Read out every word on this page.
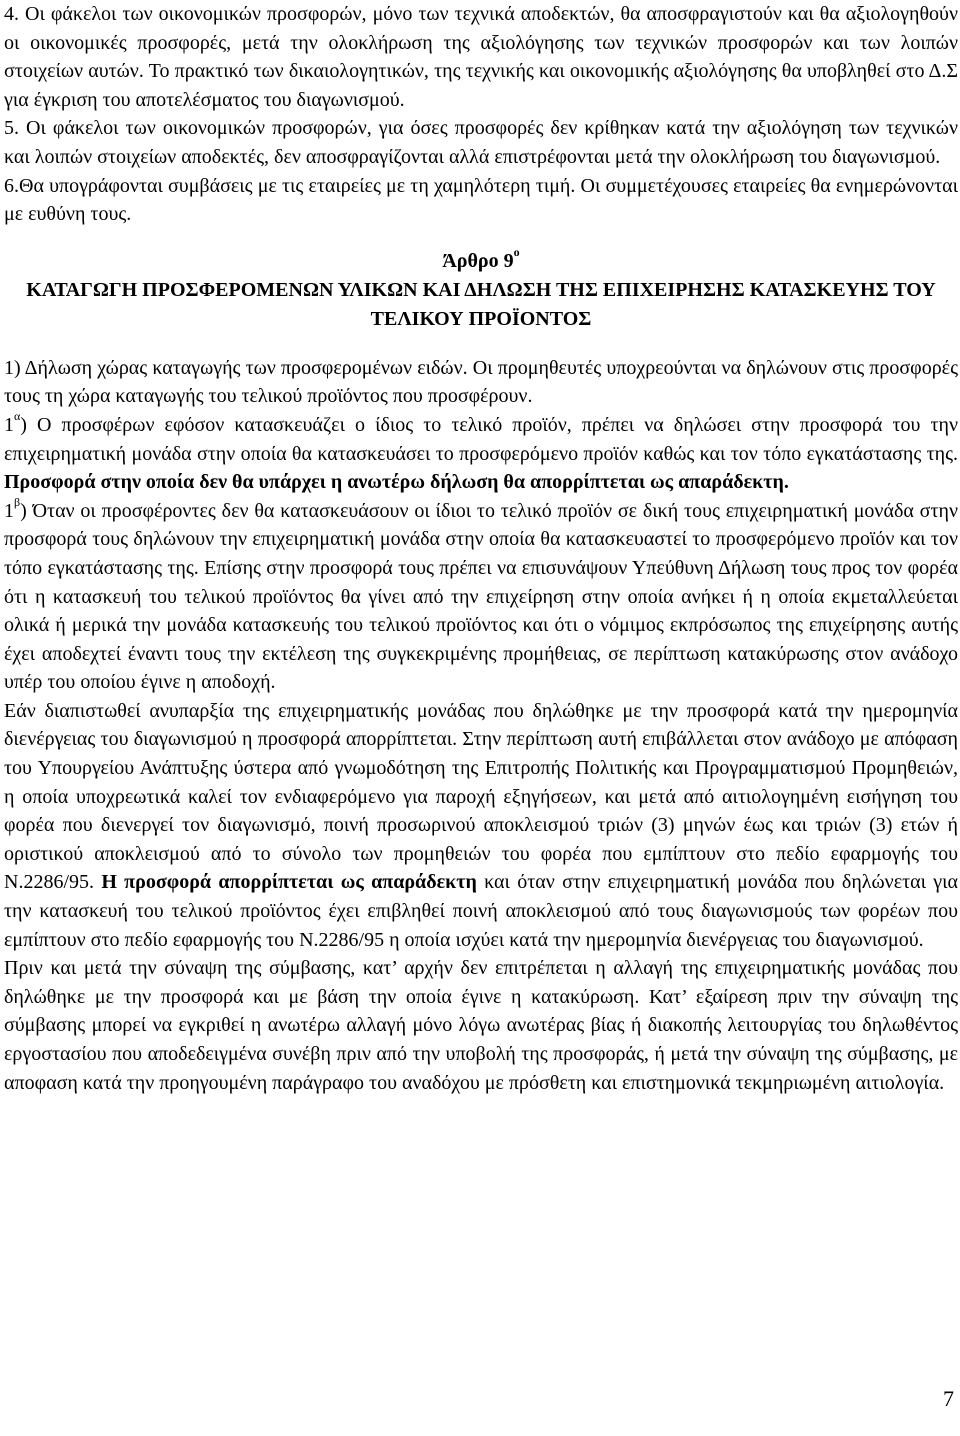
4. Οι φάκελοι των οικονομικών προσφορών, μόνο των τεχνικά αποδεκτών, θα αποσφραγιστούν και θα αξιολογηθούν οι οικονομικές προσφορές, μετά την ολοκλήρωση της αξιολόγησης των τεχνικών προσφορών και των λοιπών στοιχείων αυτών. Το πρακτικό των δικαιολογητικών, της τεχνικής και οικονομικής αξιολόγησης θα υποβληθεί στο Δ.Σ για έγκριση του αποτελέσματος του διαγωνισμού.

5. Οι φάκελοι των οικονομικών προσφορών, για όσες προσφορές δεν κρίθηκαν κατά την αξιολόγηση των τεχνικών και λοιπών στοιχείων αποδεκτές, δεν αποσφραγίζονται αλλά επιστρέφονται μετά την ολοκλήρωση του διαγωνισμού.

6.Θα υπογράφονται συμβάσεις με τις εταιρείες με τη χαμηλότερη τιμή. Οι συμμετέχουσες εταιρείες θα ενημερώνονται με ευθύνη τους.

Άρθρο $9^o$
ΚΑΤΑΓΩΓΗ ΠΡΟΣΦΕΡΟΜΕΝΩΝ ΥΛΙΚΩΝ ΚΑΙ ΔΗΛΩΣΗ ΤΗΣ ΕΠΙΧΕΙΡΗΣΗΣ ΚΑΤΑΣΚΕΥΗΣ ΤΟΥ ΤΕΛΙΚΟΥ ΠΡΟΪΟΝΤΟΣ

1) Δήλωση χώρας καταγωγής των προσφερομένων ειδών. Οι προμηθευτές υποχρεούνται να δηλώνουν στις προσφορές τους τη χώρα καταγωγής του τελικού προϊόντος που προσφέρουν.

$1^\alpha$) Ο προσφέρων εφόσον κατασκευάζει ο ίδιος το τελικό προϊόν, πρέπει να δηλώσει στην προσφορά του την επιχειρηματική μονάδα στην οποία θα κατασκευάσει το προσφερόμενο προϊόν καθώς και τον τόπο εγκατάστασης της. Προσφορά στην οποία δεν θα υπάρχει η ανωτέρω δήλωση θα απορρίπτεται ως απαράδεκτη.

$1^\beta$) Όταν οι προσφέροντες δεν θα κατασκευάσουν οι ίδιοι το τελικό προϊόν σε δική τους επιχειρηματική μονάδα στην προσφορά τους δηλώνουν την επιχειρηματική μονάδα στην οποία θα κατασκευαστεί το προσφερόμενο προϊόν και τον τόπο εγκατάστασης της. Επίσης στην προσφορά τους πρέπει να επισυνάψουν Υπεύθυνη Δήλωση τους προς τον φορέα ότι η κατασκευή του τελικού προϊόντος θα γίνει από την επιχείρηση στην οποία ανήκει ή η οποία εκμεταλλεύεται ολικά ή μερικά την μονάδα κατασκευής του τελικού προϊόντος και ότι ο νόμιμος εκπρόσωπος της επιχείρησης αυτής έχει αποδεχτεί έναντι τους την εκτέλεση της συγκεκριμένης προμήθειας, σε περίπτωση κατακύρωσης στον ανάδοχο υπέρ του οποίου έγινε η αποδοχή.

Εάν διαπιστωθεί ανυπαρξία της επιχειρηματικής μονάδας που δηλώθηκε με την προσφορά κατά την ημερομηνία διενέργειας του διαγωνισμού η προσφορά απορρίπτεται. Στην περίπτωση αυτή επιβάλλεται στον ανάδοχο με απόφαση του Υπουργείου Ανάπτυξης ύστερα από γνωμοδότηση της Επιτροπής Πολιτικής και Προγραμματισμού Προμηθειών, η οποία υποχρεωτικά καλεί τον ενδιαφερόμενο για παροχή εξηγήσεων, και μετά από αιτιολογημένη εισήγηση του φορέα που διενεργεί τον διαγωνισμό, ποινή προσωρινού αποκλεισμού τριών (3) μηνών έως και τριών (3) ετών ή οριστικού αποκλεισμού από το σύνολο των προμηθειών του φορέα που εμπίπτουν στο πεδίο εφαρμογής του Ν.2286/95. Η προσφορά απορρίπτεται ως απαράδεκτη και όταν στην επιχειρηματική μονάδα που δηλώνεται για την κατασκευή του τελικού προϊόντος έχει επιβληθεί ποινή αποκλεισμού από τους διαγωνισμούς των φορέων που εμπίπτουν στο πεδίο εφαρμογής του Ν.2286/95 η οποία ισχύει κατά την ημερομηνία διενέργειας του διαγωνισμού.

Πριν και μετά την σύναψη της σύμβασης, κατ’ αρχήν δεν επιτρέπεται η αλλαγή της επιχειρηματικής μονάδας που δηλώθηκε με την προσφορά και με βάση την οποία έγινε η κατακύρωση. Κατ’ εξαίρεση πριν την σύναψη της σύμβασης μπορεί να εγκριθεί η ανωτέρω αλλαγή μόνο λόγω ανωτέρας βίας ή διακοπής λειτουργίας του δηλωθέντος εργοστασίου που αποδεδειγμένα συνέβη πριν από την υποβολή της προσφοράς, ή μετά την σύναψη της σύμβασης, με αποφαση κατά την προηγουμένη παράγραφο του αναδόχου με πρόσθετη και επιστημονικά τεκμηριωμένη αιτιολογία.

7
